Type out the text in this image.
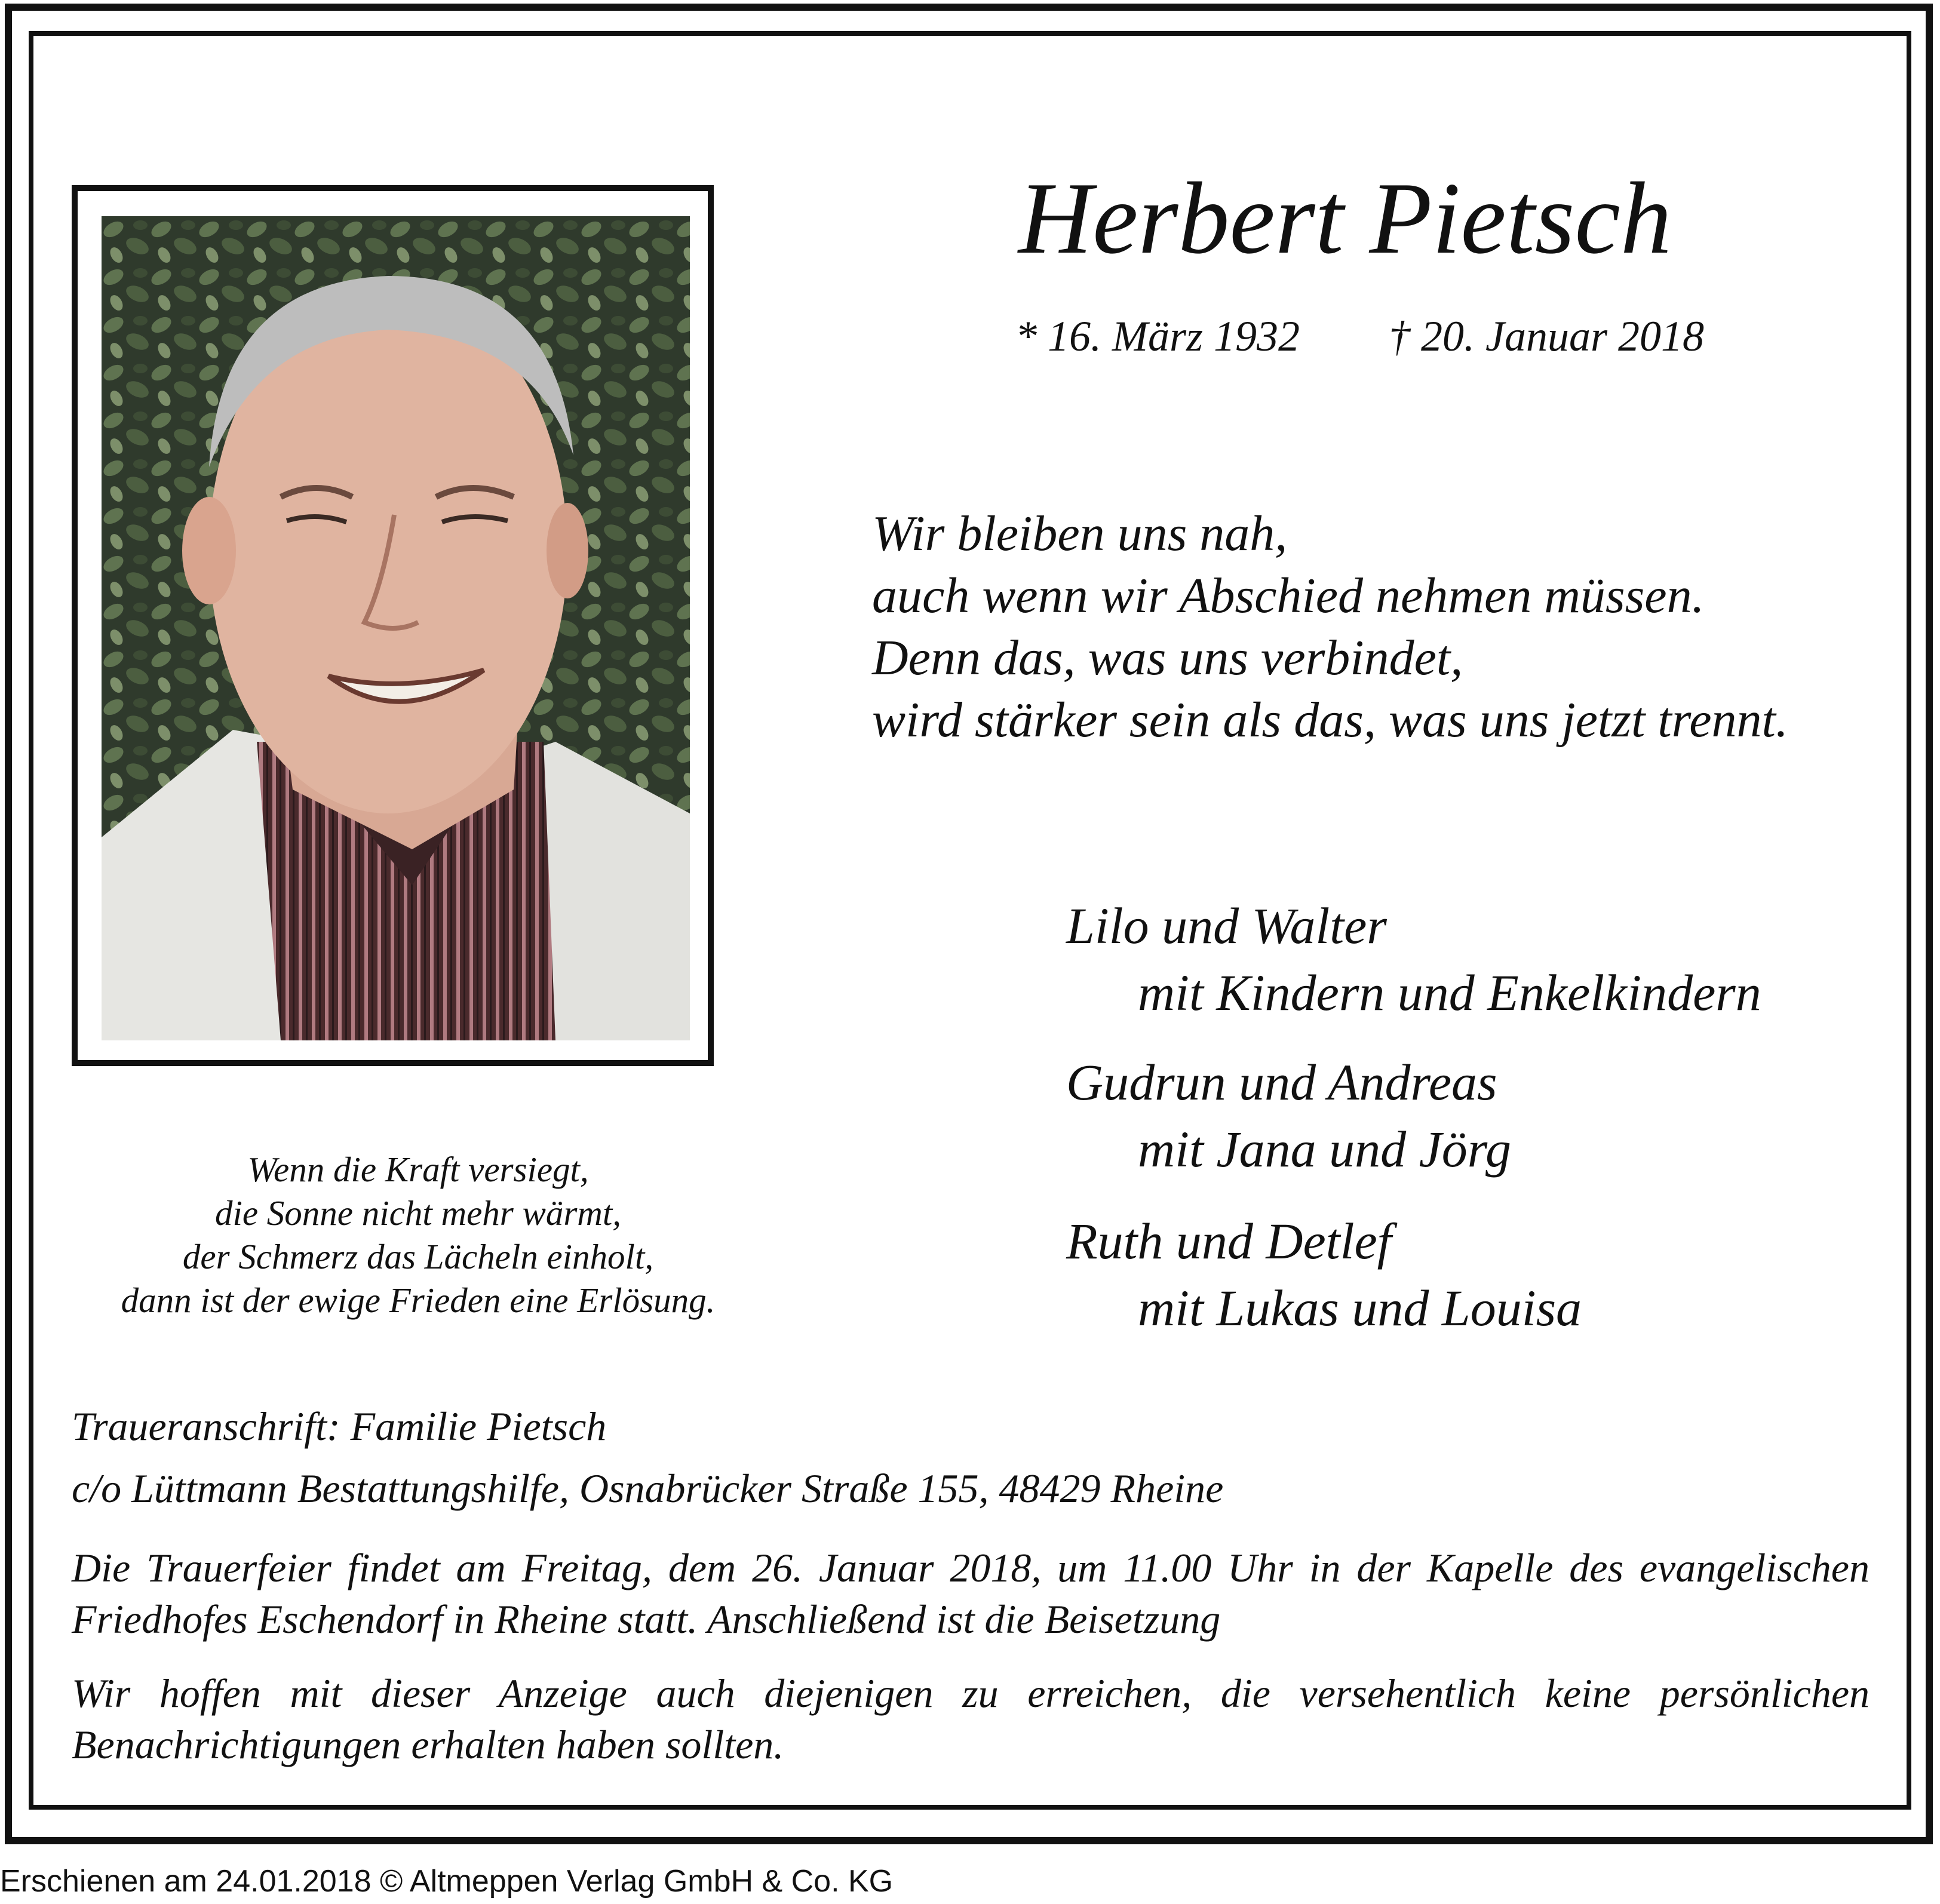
Herbert Pietsch
* 16. März 1932 † 20. Januar 2018
Wir bleiben uns nah,
auch wenn wir Abschied nehmen müssen.
Denn das, was uns verbindet,
wird stärker sein als das, was uns jetzt trennt.
Lilo und Walter
mit Kindern und Enkelkindern
Gudrun und Andreas
mit Jana und Jörg
Ruth und Detlef
mit Lukas und Louisa
Wenn die Kraft versiegt,
die Sonne nicht mehr wärmt,
der Schmerz das Lächeln einholt,
dann ist der ewige Frieden eine Erlösung.
Traueranschrift: Familie Pietsch
c/o Lüttmann Bestattungshilfe, Osnabrücker Straße 155, 48429 Rheine
Die Trauerfeier findet am Freitag, dem 26. Januar 2018, um 11.00 Uhr in der Kapelle des evangelischen Friedhofes Eschendorf in Rheine statt. Anschließend ist die Beisetzung
Wir hoffen mit dieser Anzeige auch diejenigen zu erreichen, die versehentlich keine persönlichen Benachrichtigungen erhalten haben sollten.
Erschienen am 24.01.2018 © Altmeppen Verlag GmbH & Co. KG
